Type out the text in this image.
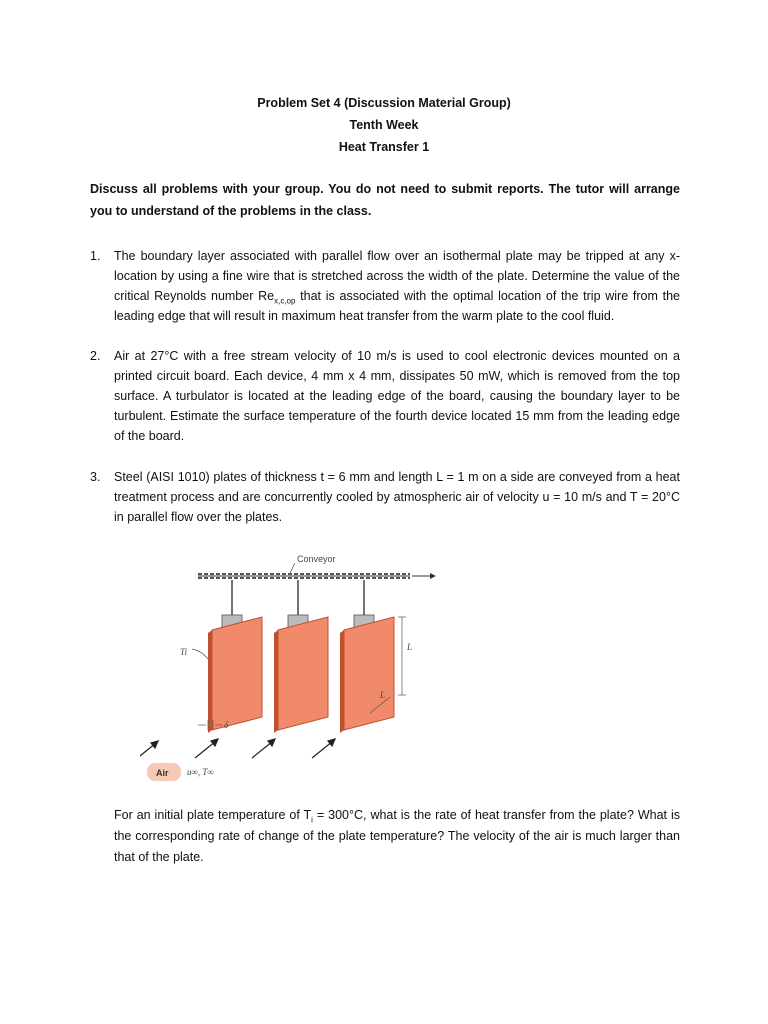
Problem Set 4 (Discussion Material Group)
Tenth Week
Heat Transfer 1
Discuss all problems with your group. You do not need to submit reports. The tutor will arrange you to understand of the problems in the class.
1. The boundary layer associated with parallel flow over an isothermal plate may be tripped at any x-location by using a fine wire that is stretched across the width of the plate. Determine the value of the critical Reynolds number $Re_{x,c,op}$ that is associated with the optimal location of the trip wire from the leading edge that will result in maximum heat transfer from the warm plate to the cool fluid.
2. Air at 27°C with a free stream velocity of 10 m/s is used to cool electronic devices mounted on a printed circuit board. Each device, 4 mm x 4 mm, dissipates 50 mW, which is removed from the top surface. A turbulator is located at the leading edge of the board, causing the boundary layer to be turbulent. Estimate the surface temperature of the fourth device located 15 mm from the leading edge of the board.
3. Steel (AISI 1010) plates of thickness t = 6 mm and length L = 1 m on a side are conveyed from a heat treatment process and are concurrently cooled by atmospheric air of velocity u = 10 m/s and T = 20°C in parallel flow over the plates.
Conveyor
Ti	L
L
δ
Air u∞, T∞
For an initial plate temperature of $T_i = 300^\circ C$, what is the rate of heat transfer from the plate? What is the corresponding rate of change of the plate temperature? The velocity of the air is much larger than that of the plate.
